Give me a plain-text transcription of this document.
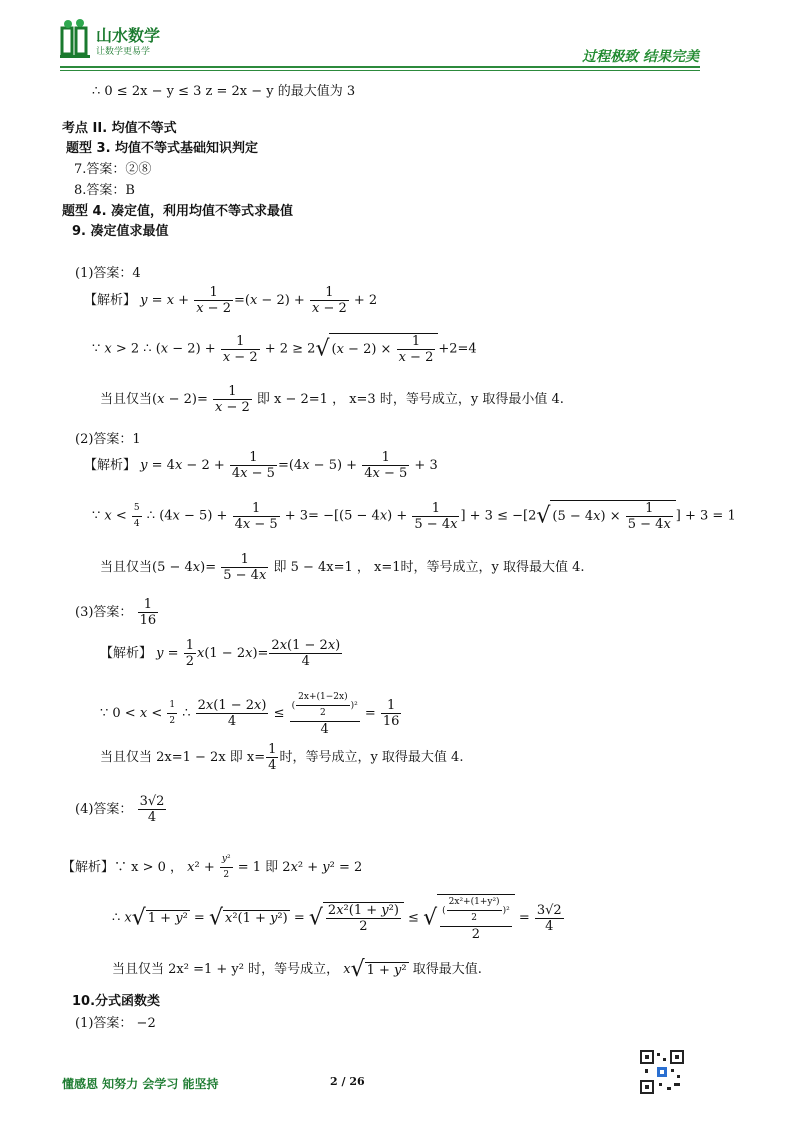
山水数学
让数学更易学	过程极致 结果完美
∴ 0 ≤ 2x − y ≤ 3 z = 2x − y 的最大值为 3
考点 II. 均值不等式
题型 3. 均值不等式基础知识判定
7.答案：②⑧
8.答案：B
题型 4. 凑定值，利用均值不等式求最值
9. 凑定值求最值
(1)答案：4
【解析】 $y = x + \frac{1}{x - 2} =(x - 2) + \frac{1}{x - 2} + 2$
∵ x > 2 ∴ $(x - 2) + \frac{1}{x - 2} + 2 \ge 2√$ $(x - 2) \times \frac{1}{x - 2} +2=4$
当且仅当$(x - 2)= \frac{1}{x - 2}$ 即 x − 2=1 ， x=3 时，等号成立，y 取得最小值 4.
(2)答案：1
【解析】 $y = 4x - 2 + \frac{1}{4x - 5} =(4x - 5) + \frac{1}{4x - 5} + 3$
∵ $x < \frac{5}{4}$ ∴ $(4x - 5) + \frac{1}{4x - 5} + 3= -[(5 - 4x) + \frac{1}{5 - 4x}$ ] + 3 ≤ −[2√ $(5 - 4x) \times \frac{1}{5 - 4x}$ ] + 3 = 1
当且仅当$(5 - 4x)= \frac{1}{5 - 4x}$ 即 5 − 4x=1 ， x=1时，等号成立，y 取得最大值 4.
(3)答案： $\frac{1}{16}$
【解析】 $y = \frac{1}{2} x(1 - 2x)= \frac{2x(1 - 2x)}{4}$
∵ $0 < x < \frac{1}{2}$ ∴ $\frac{2x(1 - 2x)}{4} \le \frac{( \frac{2x+(1-2x)}{2} )^2}{4} = \frac{1}{16}$
当且仅当 2x=1 − 2x 即 $x= \frac{1}{4}$ 时，等号成立，y 取得最大值 4.
(4)答案： $\frac{3√2}{4}$
【解析】∵ x > 0 ， $x^2 + \frac{\text{y²}}{2} = 1$ 即 2x² + y² = 2
∴ x√ 1 + y² = √ x²(1 + y²) = √ $\frac{\text{2x²(1 + y²)}}{2}$ ≤ √ $\frac{( \frac{\text{2x²+(1+y²)}}{2} )^2}{2} = \frac{3√2}{4}$
当且仅当 2x² =1 + y² 时，等号成立， x√ 1 + y² 取得最大值.
10.分式函数类
(1)答案： −2
懂感恩 知努力 会学习 能坚持	2 / 26
